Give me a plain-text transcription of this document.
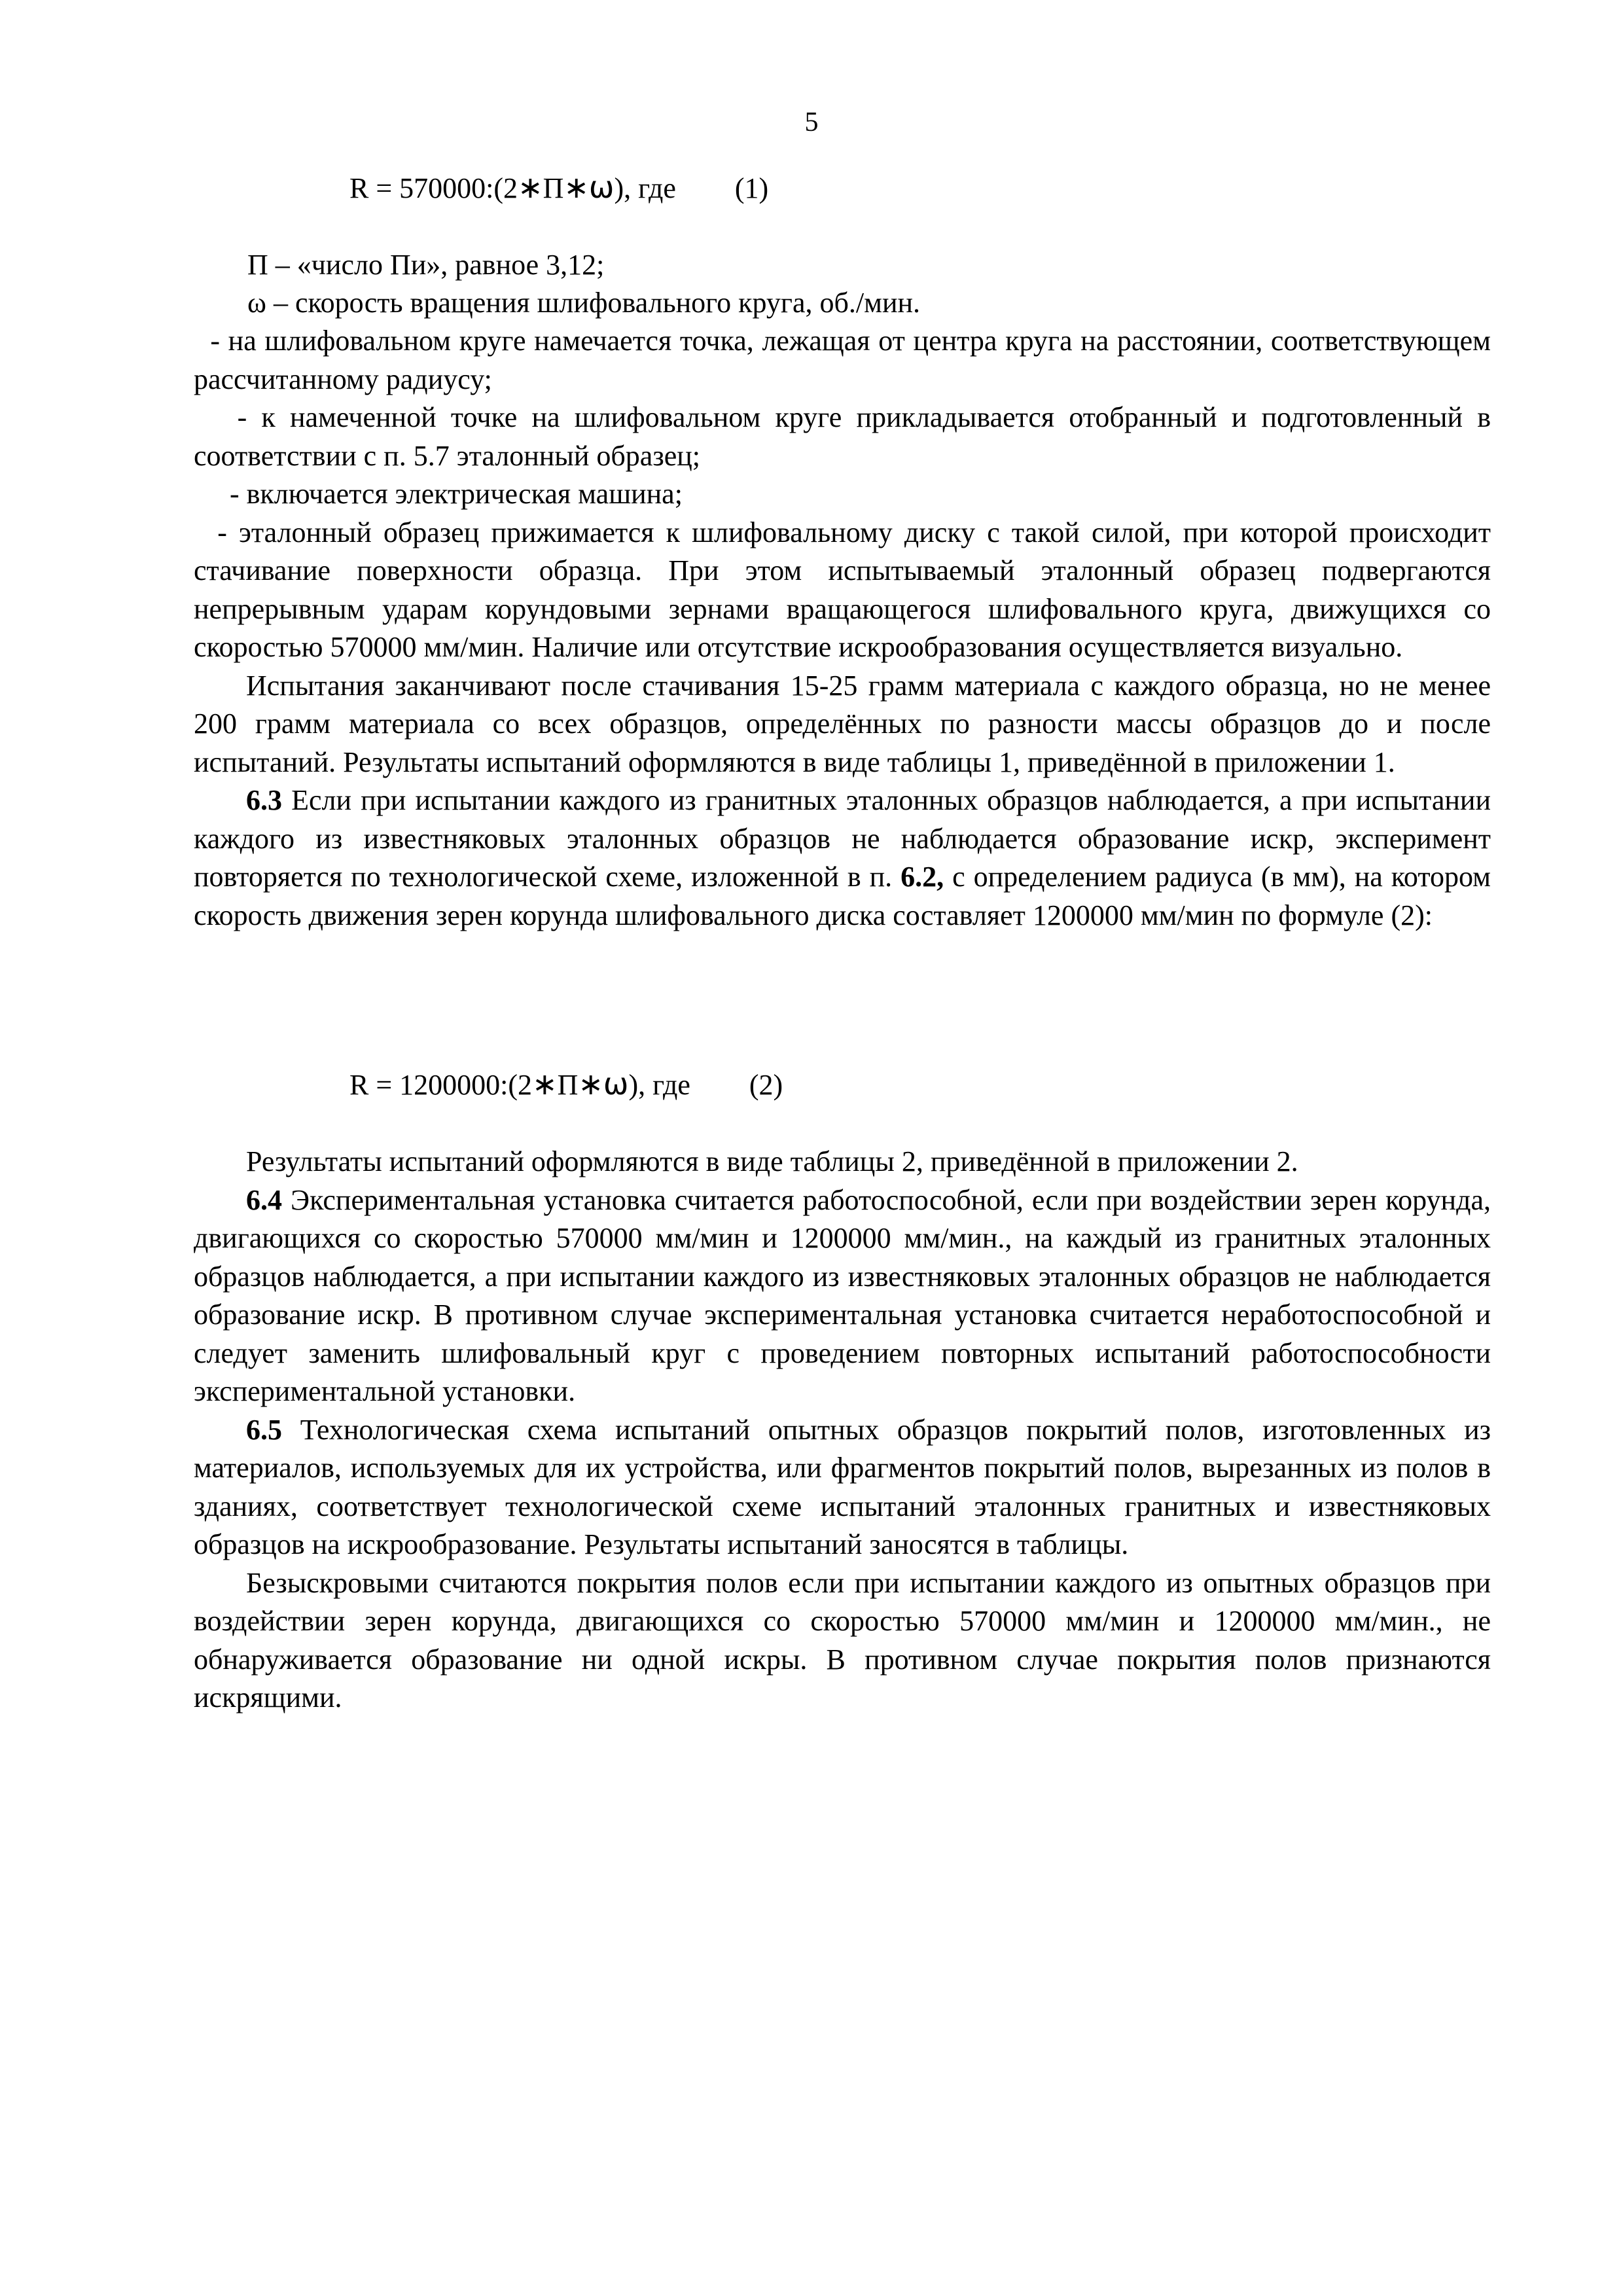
5
R = 570000:(2∗П∗ω), где (1)
П – «число Пи», равное 3,12;
ω – скорость вращения шлифовального круга, об./мин.

- на шлифовальном круге намечается точка, лежащая от центра круга на расстоянии, соответствующем рассчитанному радиусу;

- к намеченной точке на шлифовальном круге прикладывается отобранный и подготовленный в соответствии с п. 5.7 эталонный образец;

- включается электрическая машина;

- эталонный образец прижимается к шлифовальному диску с такой силой, при которой происходит стачивание поверхности образца. При этом испытываемый эталонный образец подвергаются непрерывным ударам корундовыми зернами вращающегося шлифовального круга, движущихся со скоростью 570000 мм/мин. Наличие или отсутствие искрообразования осуществляется визуально.

Испытания заканчивают после стачивания 15-25 грамм материала с каждого образца, но не менее 200 грамм материала со всех образцов, определённых по разности массы образцов до и после испытаний. Результаты испытаний оформляются в виде таблицы 1, приведённой в приложении 1.

6.3 Если при испытании каждого из гранитных эталонных образцов наблюдается, а при испытании каждого из известняковых эталонных образцов не наблюдается образование искр, эксперимент повторяется по технологической схеме, изложенной в п. 6.2, с определением радиуса (в мм), на котором скорость движения зерен корунда шлифовального диска составляет 1200000 мм/мин по формуле (2):

R = 1200000:(2∗П∗ω), где (2)

Результаты испытаний оформляются в виде таблицы 2, приведённой в приложении 2.

6.4 Экспериментальная установка считается работоспособной, если при воздействии зерен корунда, двигающихся со скоростью 570000 мм/мин и 1200000 мм/мин., на каждый из гранитных эталонных образцов наблюдается, а при испытании каждого из известняковых эталонных образцов не наблюдается образование искр. В противном случае экспериментальная установка считается неработоспособной и следует заменить шлифовальный круг с проведением повторных испытаний работоспособности экспериментальной установки.

6.5 Технологическая схема испытаний опытных образцов покрытий полов, изготовленных из материалов, используемых для их устройства, или фрагментов покрытий полов, вырезанных из полов в зданиях, соответствует технологической схеме испытаний эталонных гранитных и известняковых образцов на искрообразование. Результаты испытаний заносятся в таблицы.

Безыскровыми считаются покрытия полов если при испытании каждого из опытных образцов при воздействии зерен корунда, двигающихся со скоростью 570000 мм/мин и 1200000 мм/мин., не обнаруживается образование ни одной искры. В противном случае покрытия полов признаются искрящими.
